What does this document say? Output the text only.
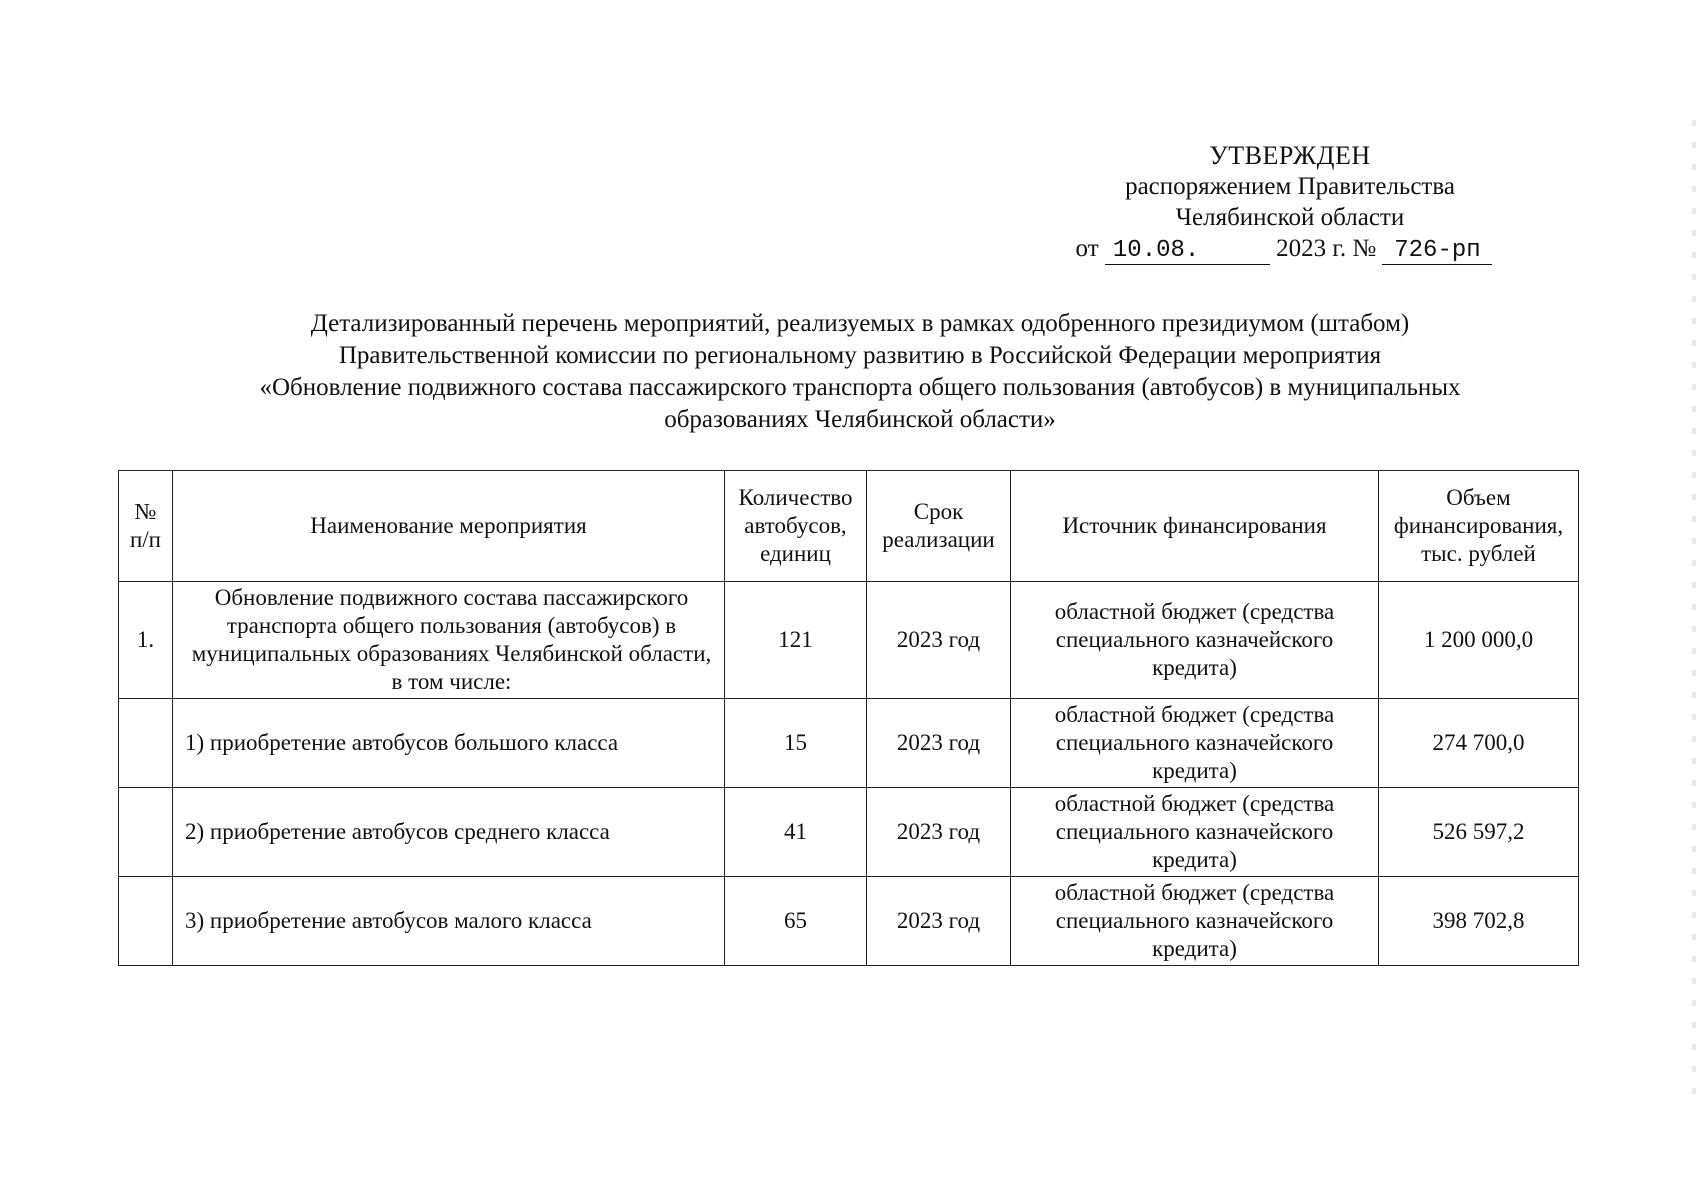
УТВЕРЖДЕН
распоряжением Правительства
Челябинской области
от 10.08.	2023 г. № 726-рп
Детализированный перечень мероприятий, реализуемых в рамках одобренного президиумом (штабом)
Правительственной комиссии по региональному развитию в Российской Федерации мероприятия
«Обновление подвижного состава пассажирского транспорта общего пользования (автобусов) в муниципальных
образованиях Челябинской области»
№ п/п	Наименование мероприятия	Количество автобусов, единиц	Срок реализации	Источник финансирования	Объем финансирования, тыс. рублей
1.	Обновление подвижного состава пассажирского транспорта общего пользования (автобусов) в муниципальных образованиях Челябинской области, в том числе:	121	2023 год	областной бюджет (средства специального казначейского кредита)	1 200 000,0
	1) приобретение автобусов большого класса	15	2023 год	областной бюджет (средства специального казначейского кредита)	274 700,0
	2) приобретение автобусов среднего класса	41	2023 год	областной бюджет (средства специального казначейского кредита)	526 597,2
	3) приобретение автобусов малого класса	65	2023 год	областной бюджет (средства специального казначейского кредита)	398 702,8
